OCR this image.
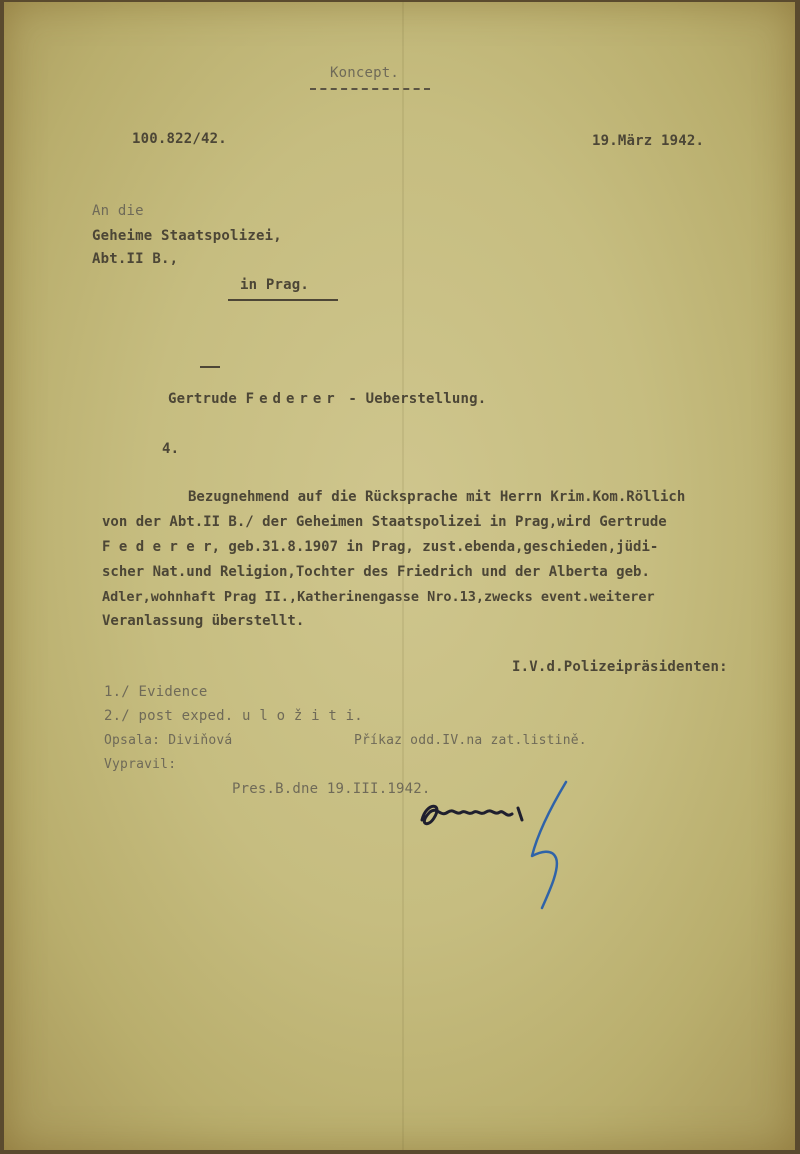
Koncept.
100.822/42.	19.März 1942.
An die
Geheime Staatspolizei,
Abt.II B.,
in Prag.
Gertrude Federer - Ueberstellung.
4.
Bezugnehmend auf die Rücksprache mit Herrn Krim.Kom.Röllich
von der Abt.II B./ der Geheimen Staatspolizei in Prag,wird Gertrude
F e d e r e r, geb.31.8.1907 in Prag, zust.ebenda,geschieden,jüdi-
scher Nat.und Religion,Tochter des Friedrich und der Alberta geb.
Adler,wohnhaft Prag II.,Katherinengasse Nro.13,zwecks event.weiterer
Veranlassung überstellt.
I.V.d.Polizeipräsidenten:
1./ Evidence
2./ post exped. u l o ž i t i.
Opsala: Diviňová	Příkaz odd.IV.na zat.listině.
Vypravil:
Pres.B.dne 19.III.1942.
